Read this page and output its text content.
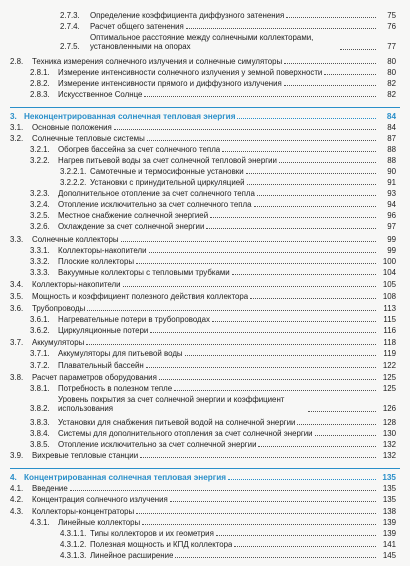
2.7.3.	Определение коэффициента диффузного затенения	75
2.7.4.	Расчет общего затенения	76
2.7.5.
Оптимальное расстояние между солнечными коллекторами, установленными на опорах	77
2.8.	Техника измерения солнечного излучения и солнечные симуляторы	80
2.8.1.	Измерение интенсивности солнечного излучения у земной поверхности	80
2.8.2.	Измерение интенсивности прямого и диффузного излучения	82
2.8.3.	Искусственное Солнце	82
3. Неконцентрированная солнечная тепловая энергия	84
3.1.	Основные положения	84
3.2.	Солнечные тепловые системы	87
3.2.1.	Обогрев бассейна за счет солнечного тепла	88
3.2.2.	Нагрев питьевой воды за счет солнечной тепловой энергии	88
3.2.2.1. Самотечные и термосифонные установки	90
3.2.2.2. Установки с принудительной циркуляцией	91
3.2.3.	Дополнительное отопление за счет солнечного тепла	93
3.2.4.	Отопление исключительно за счет солнечного тепла	94
3.2.5.	Местное снабжение солнечной энергией	96
3.2.6.	Охлаждение за счет солнечной энергии	97
3.3.	Солнечные коллекторы	99
3.3.1.	Коллекторы-накопители	99
3.3.2.	Плоские коллекторы	100
3.3.3.	Вакуумные коллекторы с тепловыми трубками	104
3.4.	Коллекторы-накопители	105
3.5.	Мощность и коэффициент полезного действия коллектора	108
3.6.	Трубопроводы	113
3.6.1.	Нагревательные потери в трубопроводах	115
3.6.2.	Циркуляционные потери	116
3.7.	Аккумуляторы	118
3.7.1.	Аккумуляторы для питьевой воды	119
3.7.2.	Плавательный бассейн	122
3.8.	Расчет параметров оборудования	125
3.8.1.	Потребность в полезном тепле	125
3.8.2.
Уровень покрытия за счет солнечной энергии и коэффициент использования	126
3.8.3.	Установки для снабжения питьевой водой на солнечной энергии	128
3.8.4.	Системы для дополнительного отопления за счет солнечной энергии	130
3.8.5.	Отопление исключительно за счет солнечной энергии	132
3.9.	Вихревые тепловые станции	132
4. Концентрированная солнечная тепловая энергия	135
4.1.	Введение	135
4.2.	Концентрация солнечного излучения	135
4.3.	Коллекторы-концентраторы	138
4.3.1.	Линейные коллекторы	139
4.3.1.1. Типы коллекторов и их геометрия	139
4.3.1.2. Полезная мощность и КПД коллектора	141
4.3.1.3. Линейное расширение	145
